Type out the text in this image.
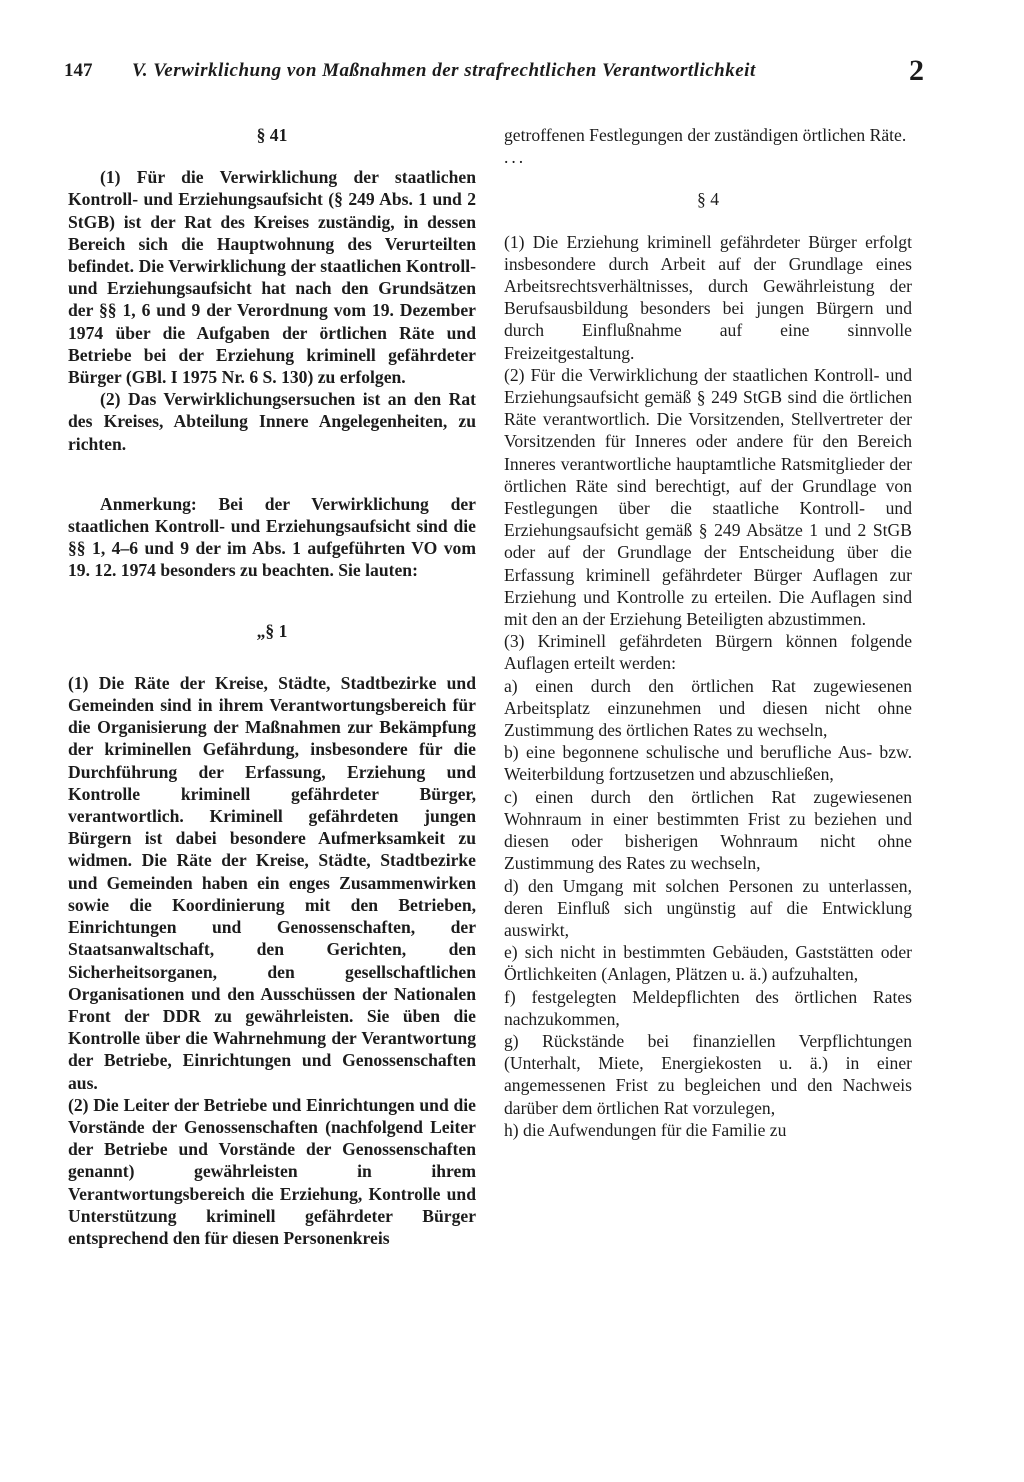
147 V. Verwirklichung von Maßnahmen der strafrechtlichen Verantwortlichkeit	2

§ 41

(1) Für die Verwirklichung der staatlichen Kontroll- und Erziehungsaufsicht (§ 249 Abs. 1 und 2 StGB) ist der Rat des Kreises zuständig, in dessen Bereich sich die Hauptwohnung des Verurteilten befindet. Die Verwirklichung der staatlichen Kontroll- und Erziehungsaufsicht hat nach den Grundsätzen der §§ 1, 6 und 9 der Verordnung vom 19. Dezember 1974 über die Aufgaben der örtlichen Räte und Betriebe bei der Erziehung kriminell gefährdeter Bürger (GBl. I 1975 Nr. 6 S. 130) zu erfolgen.

(2) Das Verwirklichungsersuchen ist an den Rat des Kreises, Abteilung Innere Angelegenheiten, zu richten.

Anmerkung: Bei der Verwirklichung der staatlichen Kontroll- und Erziehungsaufsicht sind die §§ 1, 4–6 und 9 der im Abs. 1 aufgeführten VO vom 19. 12. 1974 besonders zu beachten. Sie lauten:

„§ 1

(1) Die Räte der Kreise, Städte, Stadtbezirke und Gemeinden sind in ihrem Verantwortungsbereich für die Organisierung der Maßnahmen zur Bekämpfung der kriminellen Gefährdung, insbesondere für die Durchführung der Erfassung, Erziehung und Kontrolle kriminell gefährdeter Bürger, verantwortlich. Kriminell gefährdeten jungen Bürgern ist dabei besondere Aufmerksamkeit zu widmen. Die Räte der Kreise, Städte, Stadtbezirke und Gemeinden haben ein enges Zusammenwirken sowie die Koordinierung mit den Betrieben, Einrichtungen und Genossenschaften, der Staatsanwaltschaft, den Gerichten, den Sicherheitsorganen, den gesellschaftlichen Organisationen und den Ausschüssen der Nationalen Front der DDR zu gewährleisten. Sie üben die Kontrolle über die Wahrnehmung der Verantwortung der Betriebe, Einrichtungen und Genossenschaften aus.

(2) Die Leiter der Betriebe und Einrichtungen und die Vorstände der Genossenschaften (nachfolgend Leiter der Betriebe und Vorstände der Genossenschaften genannt) gewährleisten in ihrem Verantwortungsbereich die Erziehung, Kontrolle und Unterstützung kriminell gefährdeter Bürger entsprechend den für diesen Personenkreis

getroffenen Festlegungen der zuständigen örtlichen Räte.

...

§ 4

(1) Die Erziehung kriminell gefährdeter Bürger erfolgt insbesondere durch Arbeit auf der Grundlage eines Arbeitsrechtsverhältnisses, durch Gewährleistung der Berufsausbildung besonders bei jungen Bürgern und durch Einflußnahme auf eine sinnvolle Freizeitgestaltung.

(2) Für die Verwirklichung der staatlichen Kontroll- und Erziehungsaufsicht gemäß § 249 StGB sind die örtlichen Räte verantwortlich. Die Vorsitzenden, Stellvertreter der Vorsitzenden für Inneres oder andere für den Bereich Inneres verantwortliche hauptamtliche Ratsmitglieder der örtlichen Räte sind berechtigt, auf der Grundlage von Festlegungen über die staatliche Kontroll- und Erziehungsaufsicht gemäß § 249 Absätze 1 und 2 StGB oder auf der Grundlage der Entscheidung über die Erfassung kriminell gefährdeter Bürger Auflagen zur Erziehung und Kontrolle zu erteilen. Die Auflagen sind mit den an der Erziehung Beteiligten abzustimmen.

(3) Kriminell gefährdeten Bürgern können folgende Auflagen erteilt werden:

a) einen durch den örtlichen Rat zugewiesenen Arbeitsplatz einzunehmen und diesen nicht ohne Zustimmung des örtlichen Rates zu wechseln,

b) eine begonnene schulische und berufliche Aus- bzw. Weiterbildung fortzusetzen und abzuschließen,

c) einen durch den örtlichen Rat zugewiesenen Wohnraum in einer bestimmten Frist zu beziehen und diesen oder bisherigen Wohnraum nicht ohne Zustimmung des Rates zu wechseln,

d) den Umgang mit solchen Personen zu unterlassen, deren Einfluß sich ungünstig auf die Entwicklung auswirkt,

e) sich nicht in bestimmten Gebäuden, Gaststätten oder Örtlichkeiten (Anlagen, Plätzen u. ä.) aufzuhalten,

f) festgelegten Meldepflichten des örtlichen Rates nachzukommen,

g) Rückstände bei finanziellen Verpflichtungen (Unterhalt, Miete, Energiekosten u. ä.) in einer angemessenen Frist zu begleichen und den Nachweis darüber dem örtlichen Rat vorzulegen,

h) die Aufwendungen für die Familie zu
